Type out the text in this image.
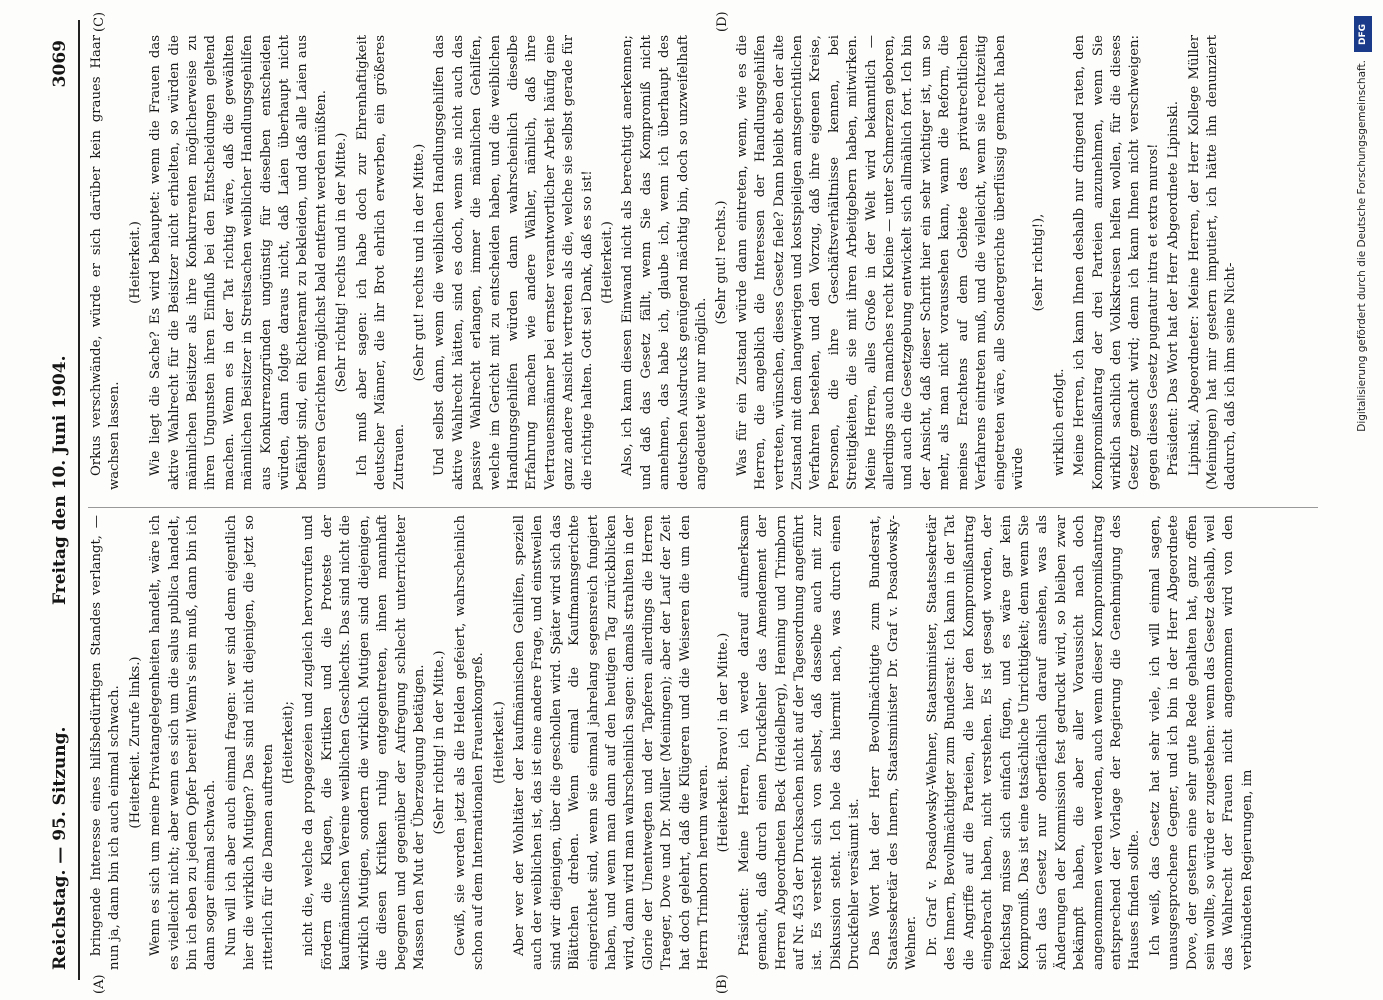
Reichstag. — 95. Sitzung.
Freitag den 10. Juni 1904.
3069
(A)	(B)
(C)	(D)

bringende Interesse eines hilfsbedürftigen Standes verlangt, — nun ja, dann bin ich auch einmal schwach. (Heiterkeit. Zurufe links.) Wenn es sich um meine Privatangelegenheiten handelt, wäre ich es vielleicht nicht; aber wenn es sich um die salus publica handelt, bin ich eben zu jedem Opfer bereit! Wenn's sein muß, dann bin ich dann sogar einmal schwach. Nun will ich aber auch einmal fragen: wer sind denn eigentlich hier die wirklich Mutigen? Das sind nicht diejenigen, die jetzt so ritterlich für die Damen auftreten

(Heiterkeit); nicht die, welche da propagezeien und zugleich hervorrufen und fördern die Klagen, die Kritiken und die Proteste der kaufmännischen Vereine weiblichen Geschlechts. Das sind nicht die wirklich Mutigen, sondern die wirklich Mutigen sind diejenigen, die diesen Kritiken ruhig entgegentreten, ihnen mannhaft begegnen und gegenüber der Aufregung schlecht unterrichteter Massen den Mut der Überzeugung betätigen. (Sehr richtig! in der Mitte.) Gewiß, sie werden jetzt als die Helden gefeiert, wahrscheinlich schon auf dem Internationalen Frauenkongreß. (Heiterkeit.) Aber wer der Wohltäter der kaufmännischen Gehilfen, speziell auch der weiblichen ist, das ist eine andere Frage, und einstweilen sind wir diejenigen, über die geschollen wird. Später wird sich das Blättchen drehen. Wenn einmal die Kaufmannsgerichte eingerichtet sind, wenn sie einmal jahrelang segensreich fungiert haben, und wenn man dann auf den heutigen Tag zurückblicken wird, dann wird man wahrscheinlich sagen: damals strahlten in der Glorie der Unentwegten und der Tapferen allerdings die Herren Traeger, Dove und Dr. Müller (Meiningen); aber der Lauf der Zeit hat doch gelehrt, daß die Klügeren und die Weiseren die um den Herrn Trimborn herum waren.

(Heiterkeit. Bravo! in der Mitte.) Präsident: Meine Herren, ich werde darauf aufmerksam gemacht, daß durch einen Druckfehler das Amendement der Herren Abgeordneten Beck (Heidelberg), Henning und Trimborn auf Nr. 453 der Drucksachen nicht auf der Tagesordnung angeführt ist. Es versteht sich von selbst, daß dasselbe auch mit zur Diskussion steht. Ich hole das hiermit nach, was durch einen Druckfehler versäumt ist. Das Wort hat der Herr Bevollmächtigte zum Bundesrat, Staatssekretär des Innern, Staatsminister Dr. Graf v. Posadowsky-Wehner. Dr. Graf v. Posadowsky-Wehner, Staatsminister, Staatssekretär des Innern, Bevollmächtigter zum Bundesrat: Ich kann in der Tat die Angriffe auf die Parteien, die hier den Kompromißantrag eingebracht haben, nicht verstehen. Es ist gesagt worden, der Reichstag müsse sich einfach fügen, und es wäre gar kein Kompromiß. Das ist eine tatsächliche Unrichtigkeit; denn wenn Sie sich das Gesetz nur oberflächlich darauf ansehen, was als Änderungen der Kommission fest gedruckt wird, so bleiben zwar bekämpft haben, die aber aller Voraussicht nach doch angenommen werden werden, auch wenn dieser Kompromißantrag entsprechend der Vorlage der Regierung die Genehmigung des Hauses finden sollte. Ich weiß, das Gesetz hat sehr viele, ich will einmal sagen, unausgesprochene Gegner, und ich bin in der Herr Abgeordnete Dove, der gestern eine sehr gute Rede gehalten hat, ganz offen sein wollte, so würde er zugestehen: wenn das Gesetz deshalb, weil das Wahlrecht der Frauen nicht angenommen wird von den verbündeten Regierungen, im

Orkus verschwände, würde er sich darüber kein graues Haar wachsen lassen.

(Heiterkeit.) Wie liegt die Sache? Es wird behauptet: wenn die Frauen das aktive Wahlrecht für die Beisitzer nicht erhielten, so würden die männlichen Beisitzer als ihre Konkurrenten möglicherweise zu ihren Ungunsten ihren Einfluß bei den Entscheidungen geltend machen. Wenn es in der Tat richtig wäre, daß die gewählten männlichen Beisitzer in Streitsachen weiblicher Handlungsgehilfen aus Konkurrenzgründen ungünstig für dieselben entscheiden würden, dann folgte daraus nicht, daß Laien überhaupt nicht befähigt sind, ein Richteramt zu bekleiden, und daß alle Laien aus unseren Gerichten möglichst bald entfernt werden müßten. (Sehr richtig! rechts und in der Mitte.) Ich muß aber sagen: ich habe doch zur Ehrenhaftigkeit deutscher Männer, die ihr Brot ehrlich erwerben, ein größeres Zutrauen.

(Sehr gut! rechts und in der Mitte.) Und selbst dann, wenn die weiblichen Handlungsgehilfen das aktive Wahlrecht hätten, sind es doch, wenn sie nicht auch das passive Wahlrecht erlangen, immer die männlichen Gehilfen, welche im Gericht mit zu entscheiden haben, und die weiblichen Handlungsgehilfen würden dann wahrscheinlich dieselbe Erfahrung machen wie andere Wähler, nämlich, daß ihre Vertrauensmänner bei ernster verantwortlicher Arbeit häufig eine ganz andere Ansicht vertreten als die, welche sie selbst gerade für die richtige halten. Gott sei Dank, daß es so ist! (Heiterkeit.) Also, ich kann diesen Einwand nicht als berechtigt anerkennen; und daß das Gesetz fällt, wenn Sie das Kompromiß nicht annehmen, das habe ich, glaube ich, wenn ich überhaupt des deutschen Ausdrucks genügend mächtig bin, doch so unzweifelhaft angedeutet wie nur möglich.

(Sehr gut! rechts.) Was für ein Zustand würde dann eintreten, wenn, wie es die Herren, die angeblich die Interessen der Handlungsgehilfen vertreten, wünschen, dieses Gesetz fiele? Dann bleibt eben der alte Zustand mit dem langwierigen und kostspieligen amtsgerichtlichen Verfahren bestehen, und den Vorzug, daß ihre eigenen Kreise, Personen, die ihre Geschäftsverhältnisse kennen, bei Streitigkeiten, die sie mit ihren Arbeitgebern haben, mitwirken. Meine Herren, alles Große in der Welt wird bekanntlich — allerdings auch manches recht Kleine — unter Schmerzen geboren, und auch die Gesetzgebung entwickelt sich allmählich fort. Ich bin der Ansicht, daß dieser Schritt hier ein sehr wichtiger ist, um so mehr, als man nicht voraussehen kann, wann die Reform, die meines Erachtens auf dem Gebiete des privatrechtlichen Verfahrens eintreten muß, und die vielleicht, wenn sie rechtzeitig eingetreten wäre, alle Sondergerichte überflüssig gemacht haben würde

(sehr richtig!),

wirklich erfolgt. Meine Herren, ich kann Ihnen deshalb nur dringend raten, den Kompromißantrag der drei Parteien anzunehmen, wenn Sie wirklich sachlich den Volkskreisen helfen wollen, für die dieses Gesetz gemacht wird; denn ich kann Ihnen nicht verschweigen: gegen dieses Gesetz pugnatur intra et extra muros! Präsident: Das Wort hat der Herr Abgeordnete Lipinski. Lipinski, Abgeordneter: Meine Herren, der Herr Kollege Müller (Meiningen) hat mir gestern imputiert, ich hätte ihn denunziert dadurch, daß ich ihm seine Nicht-

DFG
Digitalisierung gefördert durch die Deutsche Forschungsgemeinschaft.
